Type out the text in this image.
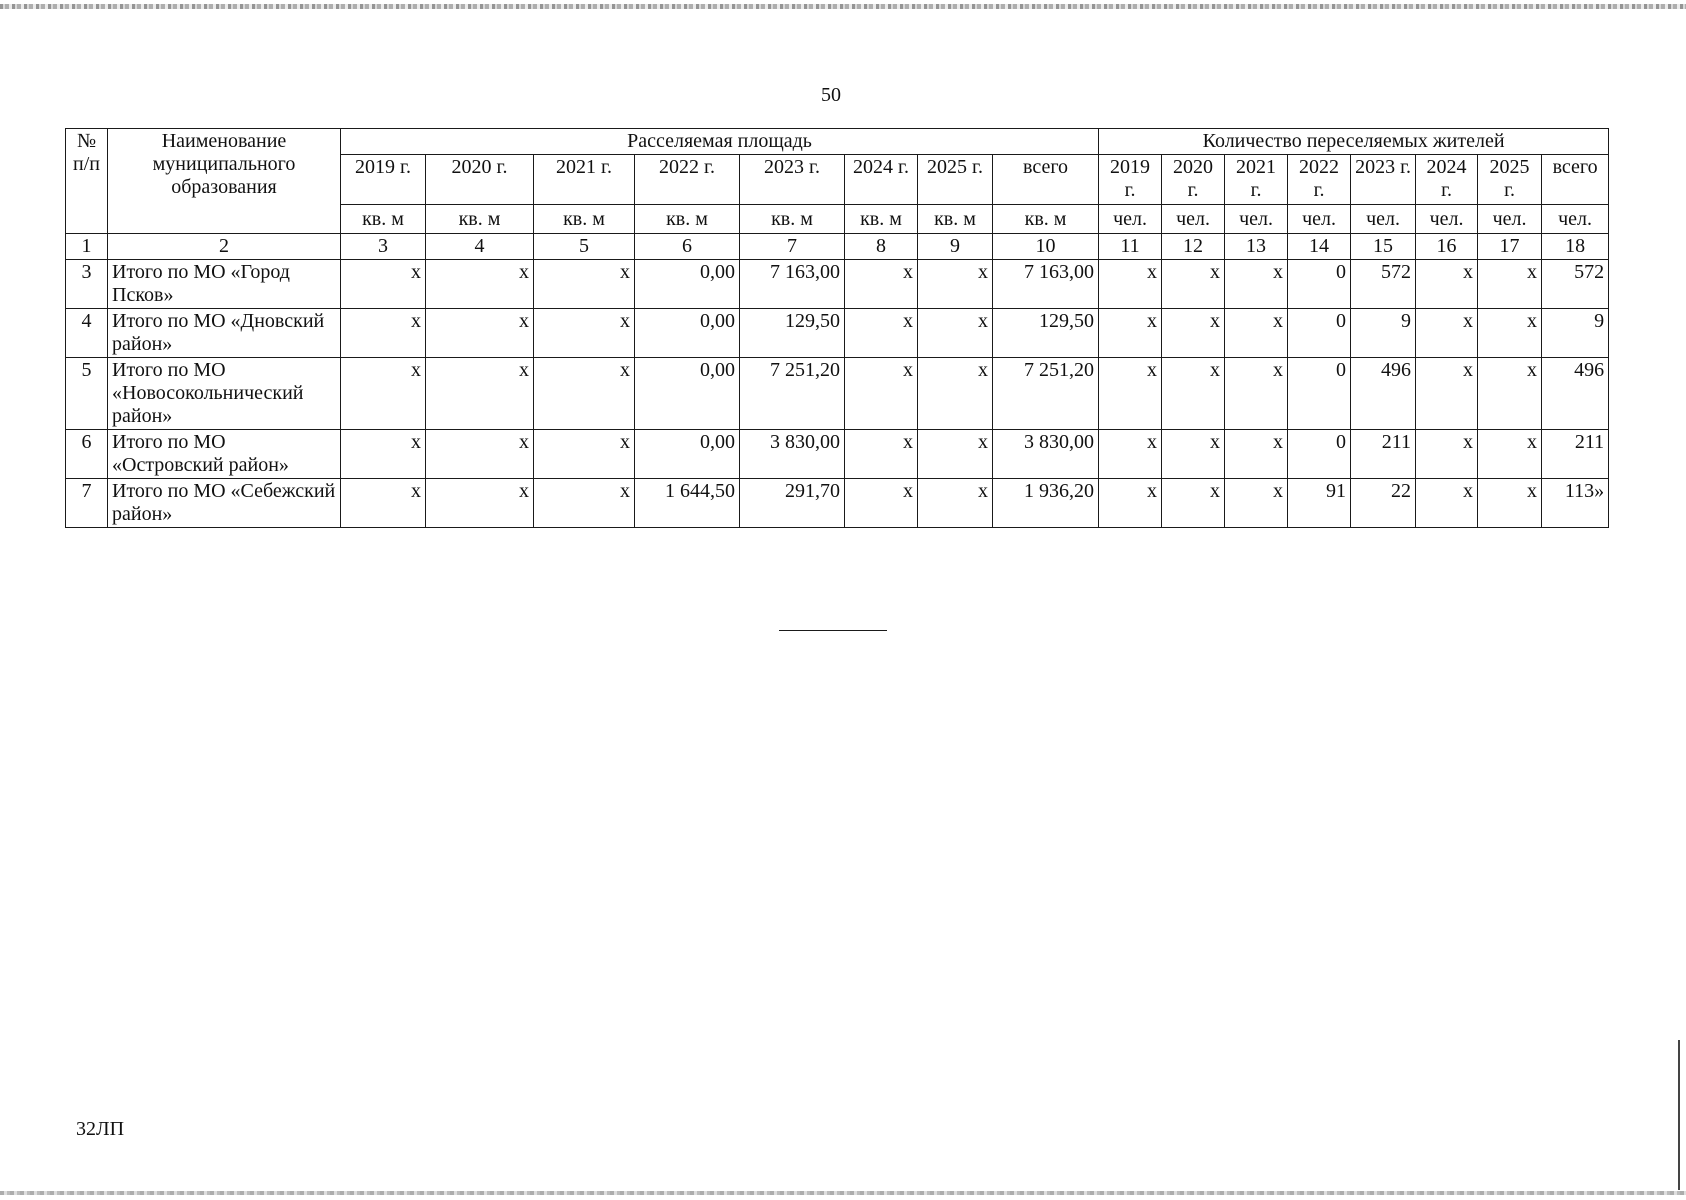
50
№ п/п	Наименование муниципального образования	Расселяемая площадь								Количество переселяемых жителей							
		2019 г.	2020 г.	2021 г.	2022 г.	2023 г.	2024 г.	2025 г.	всего	2019 г.	2020 г.	2021 г.	2022 г.	2023 г.	2024 г.	2025 г.	всего
		кв. м	кв. м	кв. м	кв. м	кв. м	кв. м	кв. м	кв. м	чел.	чел.	чел.	чел.	чел.	чел.	чел.	чел.
1	2	3	4	5	6	7	8	9	10	11	12	13	14	15	16	17	18
3	Итого по МО «Город Псков»	x	x	x	0,00	7 163,00	x	x	7 163,00	x	x	x	0	572	x	x	572
4	Итого по МО «Дновский район»	x	x	x	0,00	129,50	x	x	129,50	x	x	x	0	9	x	x	9
5	Итого по МО «Новосокольнический район»	x	x	x	0,00	7 251,20	x	x	7 251,20	x	x	x	0	496	x	x	496
6	Итого по МО «Островский район»	x	x	x	0,00	3 830,00	x	x	3 830,00	x	x	x	0	211	x	x	211
7	Итого по МО «Себежский район»	x	x	x	1 644,50	291,70	x	x	1 936,20	x	x	x	91	22	x	x	113»
32ЛП
